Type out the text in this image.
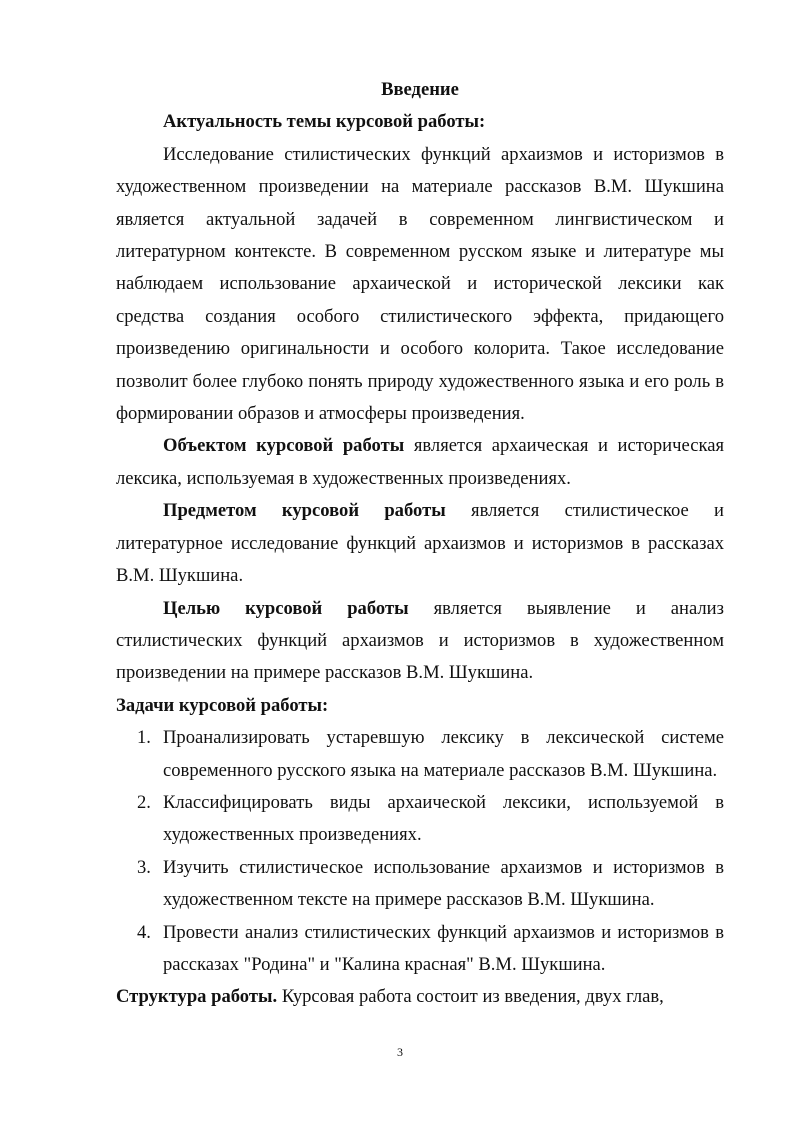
Введение

Актуальность темы курсовой работы:

Исследование стилистических функций архаизмов и историзмов в художественном произведении на материале рассказов В.М. Шукшина является актуальной задачей в современном лингвистическом и литературном контексте. В современном русском языке и литературе мы наблюдаем использование архаической и исторической лексики как средства создания особого стилистического эффекта, придающего произведению оригинальности и особого колорита. Такое исследование позволит более глубоко понять природу художественного языка и его роль в формировании образов и атмосферы произведения.

Объектом курсовой работы является архаическая и историческая лексика, используемая в художественных произведениях.

Предметом курсовой работы является стилистическое и литературное исследование функций архаизмов и историзмов в рассказах В.М. Шукшина.

Целью курсовой работы является выявление и анализ стилистических функций архаизмов и историзмов в художественном произведении на примере рассказов В.М. Шукшина.

Задачи курсовой работы:

1. Проанализировать устаревшую лексику в лексической системе современного русского языка на материале рассказов В.М. Шукшина.
2. Классифицировать виды архаической лексики, используемой в художественных произведениях.
3. Изучить стилистическое использование архаизмов и историзмов в художественном тексте на примере рассказов В.М. Шукшина.
4. Провести анализ стилистических функций архаизмов и историзмов в рассказах "Родина" и "Калина красная" В.М. Шукшина.

Структура работы. Курсовая работа состоит из введения, двух глав,

3
